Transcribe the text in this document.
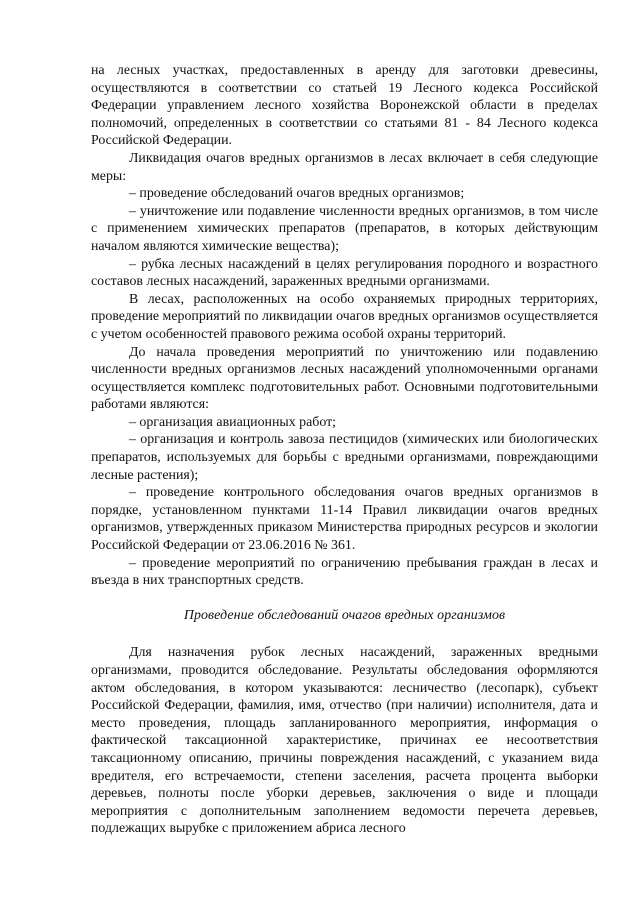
на лесных участках, предоставленных в аренду для заготовки древесины, осуществляются в соответствии со статьей 19 Лесного кодекса Российской Федерации управлением лесного хозяйства Воронежской области в пределах полномочий, определенных в соответствии со статьями 81 - 84 Лесного кодекса Российской Федерации.

Ликвидация очагов вредных организмов в лесах включает в себя следующие меры:

– проведение обследований очагов вредных организмов;

– уничтожение или подавление численности вредных организмов, в том числе с применением химических препаратов (препаратов, в которых действующим началом являются химические вещества);

– рубка лесных насаждений в целях регулирования породного и возрастного составов лесных насаждений, зараженных вредными организмами.

В лесах, расположенных на особо охраняемых природных территориях, проведение мероприятий по ликвидации очагов вредных организмов осуществляется с учетом особенностей правового режима особой охраны территорий.

До начала проведения мероприятий по уничтожению или подавлению численности вредных организмов лесных насаждений уполномоченными органами осуществляется комплекс подготовительных работ. Основными подготовительными работами являются:

– организация авиационных работ;

– организация и контроль завоза пестицидов (химических или биологических препаратов, используемых для борьбы с вредными организмами, повреждающими лесные растения);

– проведение контрольного обследования очагов вредных организмов в порядке, установленном пунктами 11-14 Правил ликвидации очагов вредных организмов, утвержденных приказом Министерства природных ресурсов и экологии Российской Федерации от 23.06.2016 № 361.

– проведение мероприятий по ограничению пребывания граждан в лесах и въезда в них транспортных средств.

Проведение обследований очагов вредных организмов

Для назначения рубок лесных насаждений, зараженных вредными организмами, проводится обследование. Результаты обследования оформляются актом обследования, в котором указываются: лесничество (лесопарк), субъект Российской Федерации, фамилия, имя, отчество (при наличии) исполнителя, дата и место проведения, площадь запланированного мероприятия, информация о фактической таксационной характеристике, причинах ее несоответствия таксационному описанию, причины повреждения насаждений, с указанием вида вредителя, его встречаемости, степени заселения, расчета процента выборки деревьев, полноты после уборки деревьев, заключения о виде и площади мероприятия с дополнительным заполнением ведомости перечета деревьев, подлежащих вырубке с приложением абриса лесного
